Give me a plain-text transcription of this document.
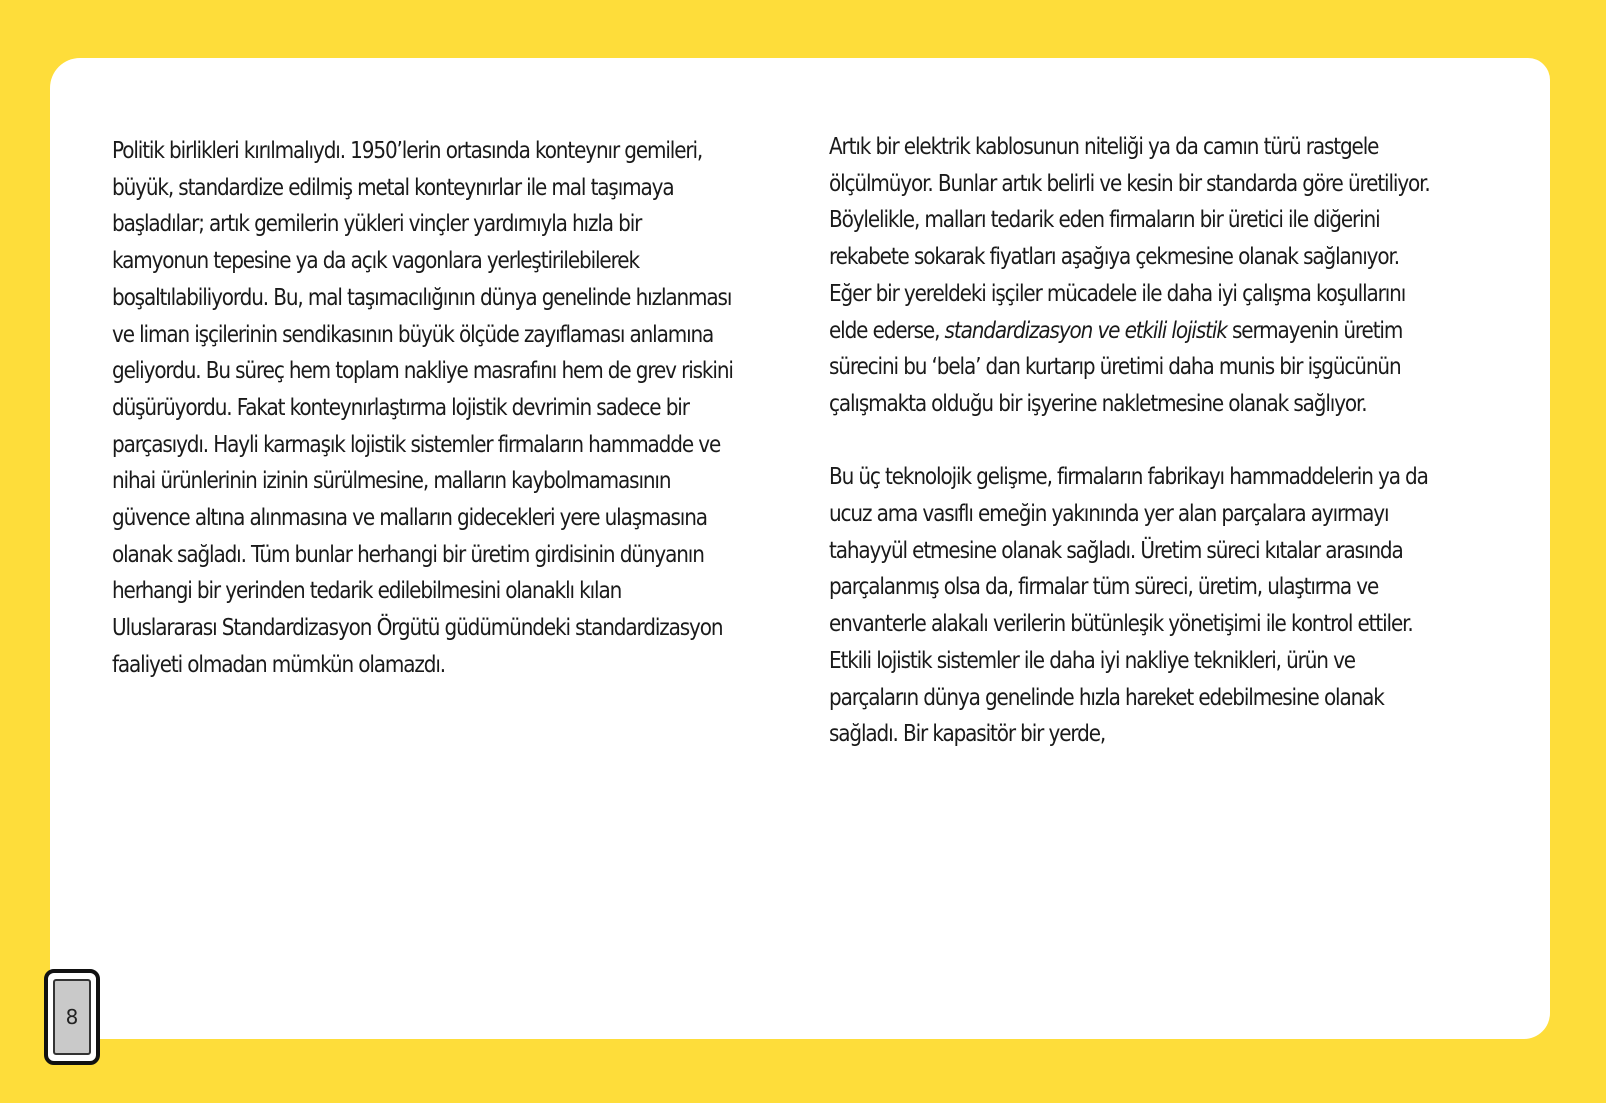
Politik birlikleri kırılmalıydı. 1950’lerin ortasında konteynır gemileri,
büyük, standardize edilmiş metal konteynırlar ile mal taşımaya
başladılar; artık gemilerin yükleri vinçler yardımıyla hızla bir
kamyonun tepesine ya da açık vagonlara yerleştirilebilerek
boşaltılabiliyordu. Bu, mal taşımacılığının dünya genelinde hızlanması
ve liman işçilerinin sendikasının büyük ölçüde zayıflaması anlamına
geliyordu. Bu süreç hem toplam nakliye masrafını hem de grev riskini
düşürüyordu. Fakat konteynırlaştırma lojistik devrimin sadece bir
parçasıydı. Hayli karmaşık lojistik sistemler firmaların hammadde ve
nihai ürünlerinin izinin sürülmesine, malların kaybolmamasının
güvence altına alınmasına ve malların gidecekleri yere ulaşmasına
olanak sağladı. Tüm bunlar herhangi bir üretim girdisinin dünyanın
herhangi bir yerinden tedarik edilebilmesini olanaklı kılan
Uluslararası Standardizasyon Örgütü güdümündeki standardizasyon
faaliyeti olmadan mümkün olamazdı.

Artık bir elektrik kablosunun niteliği ya da camın türü rastgele
ölçülmüyor. Bunlar artık belirli ve kesin bir standarda göre üretiliyor.
Böylelikle, malları tedarik eden firmaların bir üretici ile diğerini
rekabete sokarak fiyatları aşağıya çekmesine olanak sağlanıyor.
Eğer bir yereldeki işçiler mücadele ile daha iyi çalışma koşullarını
elde ederse, standardizasyon ve etkili lojistik sermayenin üretim
sürecini bu ‘bela’ dan kurtarıp üretimi daha munis bir işgücünün
çalışmakta olduğu bir işyerine nakletmesine olanak sağlıyor.

Bu üç teknolojik gelişme, firmaların fabrikayı hammaddelerin ya da
ucuz ama vasıflı emeğin yakınında yer alan parçalara ayırmayı
tahayyül etmesine olanak sağladı. Üretim süreci kıtalar arasında
parçalanmış olsa da, firmalar tüm süreci, üretim, ulaştırma ve
envanterle alakalı verilerin bütünleşik yönetişimi ile kontrol ettiler.
Etkili lojistik sistemler ile daha iyi nakliye teknikleri, ürün ve
parçaların dünya genelinde hızla hareket edebilmesine olanak
sağladı. Bir kapasitör bir yerde,

8
